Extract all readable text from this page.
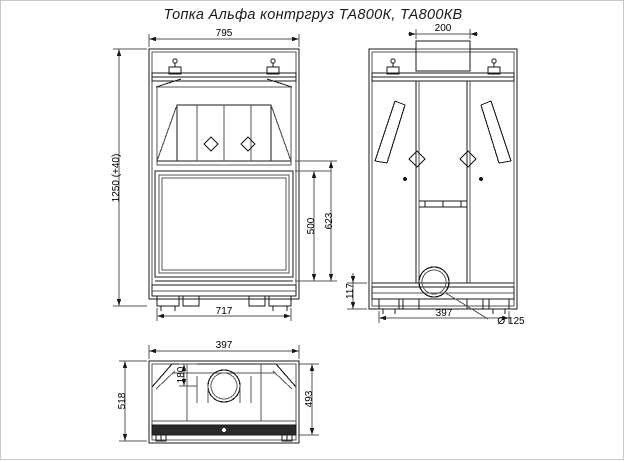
Топка Альфа контргруз ТА800К, ТА800КВ
795
717
1250 (+40)
500 623
200
397
117
Ø 125
397
518
180
493
